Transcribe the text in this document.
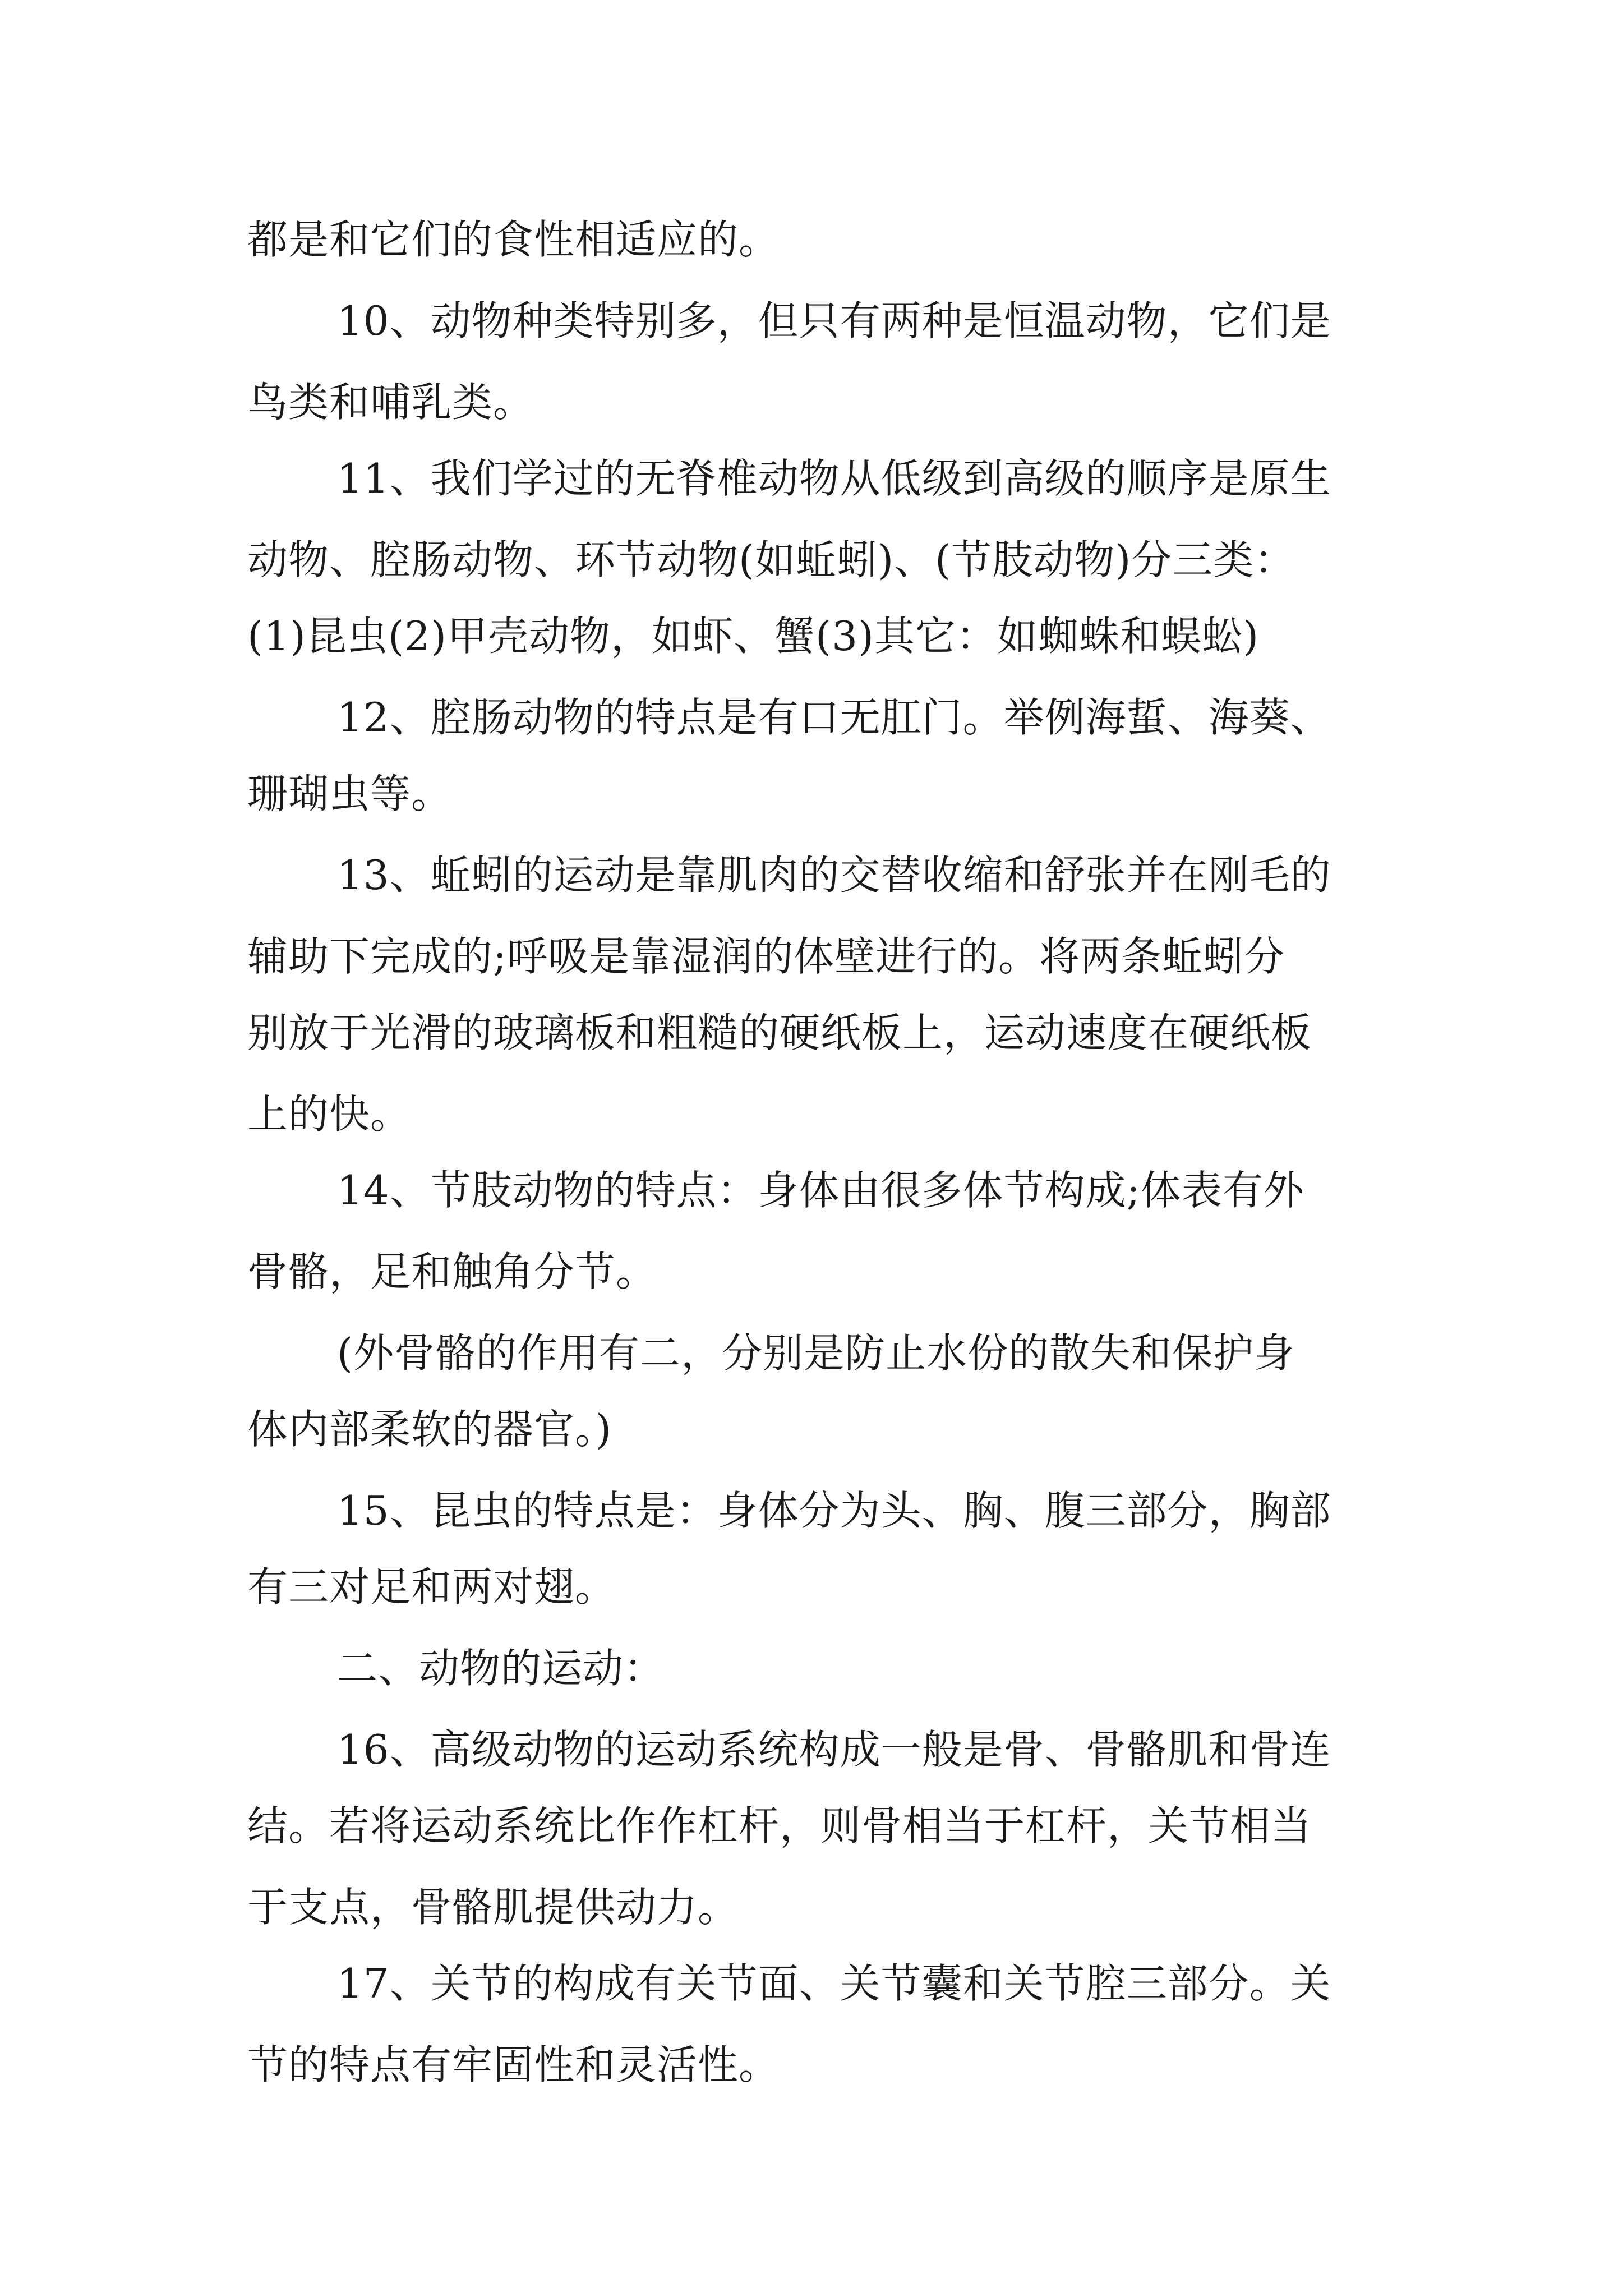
都是和它们的食性相适应的。
10、动物种类特别多，但只有两种是恒温动物，它们是
鸟类和哺乳类。
11、我们学过的无脊椎动物从低级到高级的顺序是原生
动物、腔肠动物、环节动物(如蚯蚓)、(节肢动物)分三类：
(1)昆虫(2)甲壳动物，如虾、蟹(3)其它：如蜘蛛和蜈蚣)
12、腔肠动物的特点是有口无肛门。举例海蜇、海葵、
珊瑚虫等。
13、蚯蚓的运动是靠肌肉的交替收缩和舒张并在刚毛的
辅助下完成的;呼吸是靠湿润的体壁进行的。将两条蚯蚓分
别放于光滑的玻璃板和粗糙的硬纸板上，运动速度在硬纸板
上的快。
14、节肢动物的特点：身体由很多体节构成;体表有外
骨骼，足和触角分节。
(外骨骼的作用有二，分别是防止水份的散失和保护身
体内部柔软的器官。)
15、昆虫的特点是：身体分为头、胸、腹三部分，胸部
有三对足和两对翅。
二、动物的运动：
16、高级动物的运动系统构成一般是骨、骨骼肌和骨连
结。若将运动系统比作作杠杆，则骨相当于杠杆，关节相当
于支点，骨骼肌提供动力。
17、关节的构成有关节面、关节囊和关节腔三部分。关
节的特点有牢固性和灵活性。
